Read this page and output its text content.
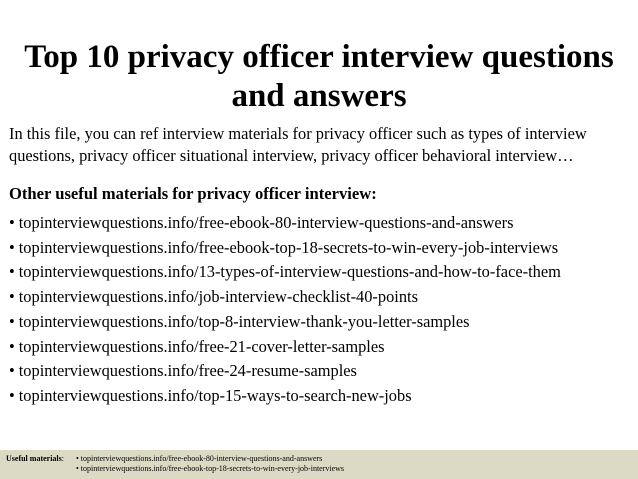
Top 10 privacy officer interview questions
and answers

In this file, you can ref interview materials for privacy officer such as types of interview
questions, privacy officer situational interview, privacy officer behavioral interview…

Other useful materials for privacy officer interview:

• topinterviewquestions.info/free-ebook-80-interview-questions-and-answers
• topinterviewquestions.info/free-ebook-top-18-secrets-to-win-every-job-interviews
• topinterviewquestions.info/13-types-of-interview-questions-and-how-to-face-them
• topinterviewquestions.info/job-interview-checklist-40-points
• topinterviewquestions.info/top-8-interview-thank-you-letter-samples
• topinterviewquestions.info/free-21-cover-letter-samples
• topinterviewquestions.info/free-24-resume-samples
• topinterviewquestions.info/top-15-ways-to-search-new-jobs
Useful materials: • topinterviewquestions.info/free-ebook-80-interview-questions-and-answers
• topinterviewquestions.info/free-ebook-top-18-secrets-to-win-every-job-interviews
